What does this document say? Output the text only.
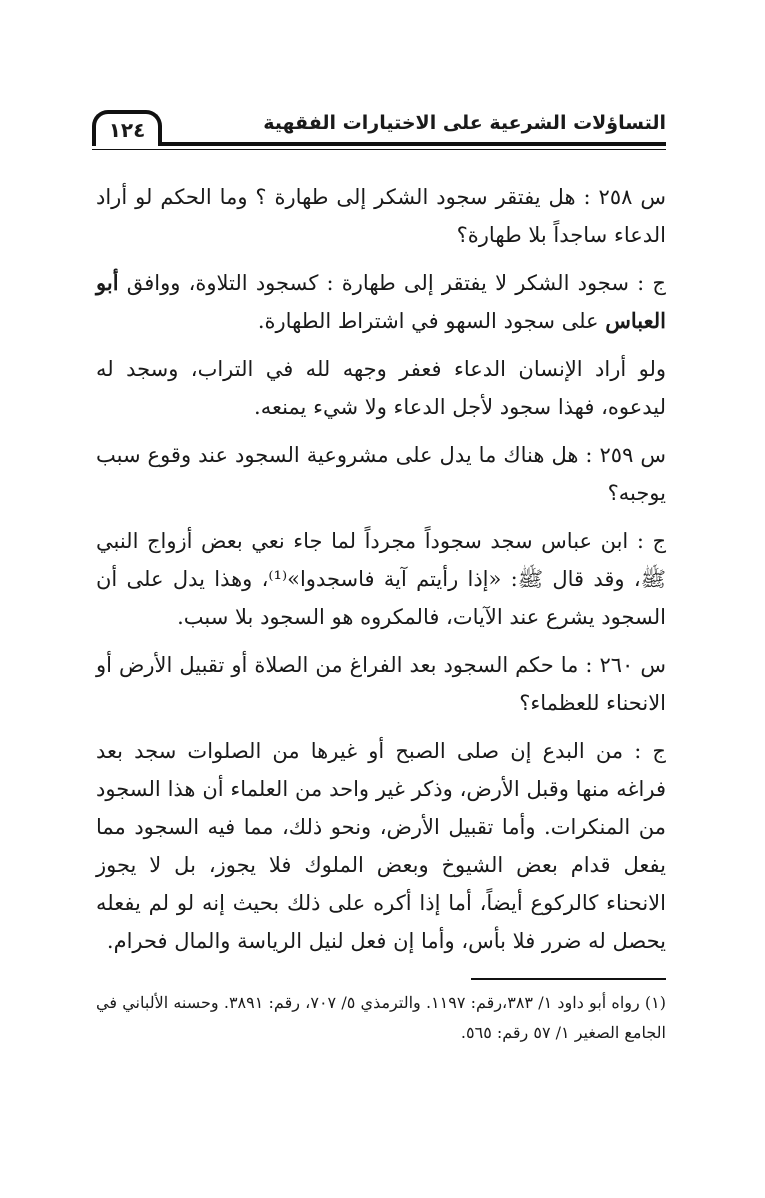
التساؤلات الشرعية على الاختيارات الفقهية
١٢٤

س ٢٥٨ : هل يفتقر سجود الشكر إلى طهارة ؟ وما الحكم لو أراد الدعاء ساجداً بلا طهارة؟

ج : سجود الشكر لا يفتقر إلى طهارة : كسجود التلاوة، ووافق أبو العباس على سجود السهو في اشتراط الطهارة.

ولو أراد الإنسان الدعاء فعفر وجهه لله في التراب، وسجد له ليدعوه، فهذا سجود لأجل الدعاء ولا شيء يمنعه.

س ٢٥٩ : هل هناك ما يدل على مشروعية السجود عند وقوع سبب يوجبه؟

ج : ابن عباس سجد سجوداً مجرداً لما جاء نعي بعض أزواج النبي ﷺ، وقد قال ﷺ: «إذا رأيتم آية فاسجدوا»⁽¹⁾، وهذا يدل على أن السجود يشرع عند الآيات، فالمكروه هو السجود بلا سبب.

س ٢٦٠ : ما حكم السجود بعد الفراغ من الصلاة أو تقبيل الأرض أو الانحناء للعظماء؟

ج : من البدع إن صلى الصبح أو غيرها من الصلوات سجد بعد فراغه منها وقبل الأرض، وذكر غير واحد من العلماء أن هذا السجود من المنكرات. وأما تقبيل الأرض، ونحو ذلك، مما فيه السجود مما يفعل قدام بعض الشيوخ وبعض الملوك فلا يجوز، بل لا يجوز الانحناء كالركوع أيضاً، أما إذا أكره على ذلك بحيث إنه لو لم يفعله يحصل له ضرر فلا بأس، وأما إن فعل لنيل الرياسة والمال فحرام.

(١) رواه أبو داود ١/ ٣٨٣،رقم: ١١٩٧. والترمذي ٥/ ٧٠٧، رقم: ٣٨٩١. وحسنه الألباني في الجامع الصغير ١/ ٥٧ رقم: ٥٦٥.
